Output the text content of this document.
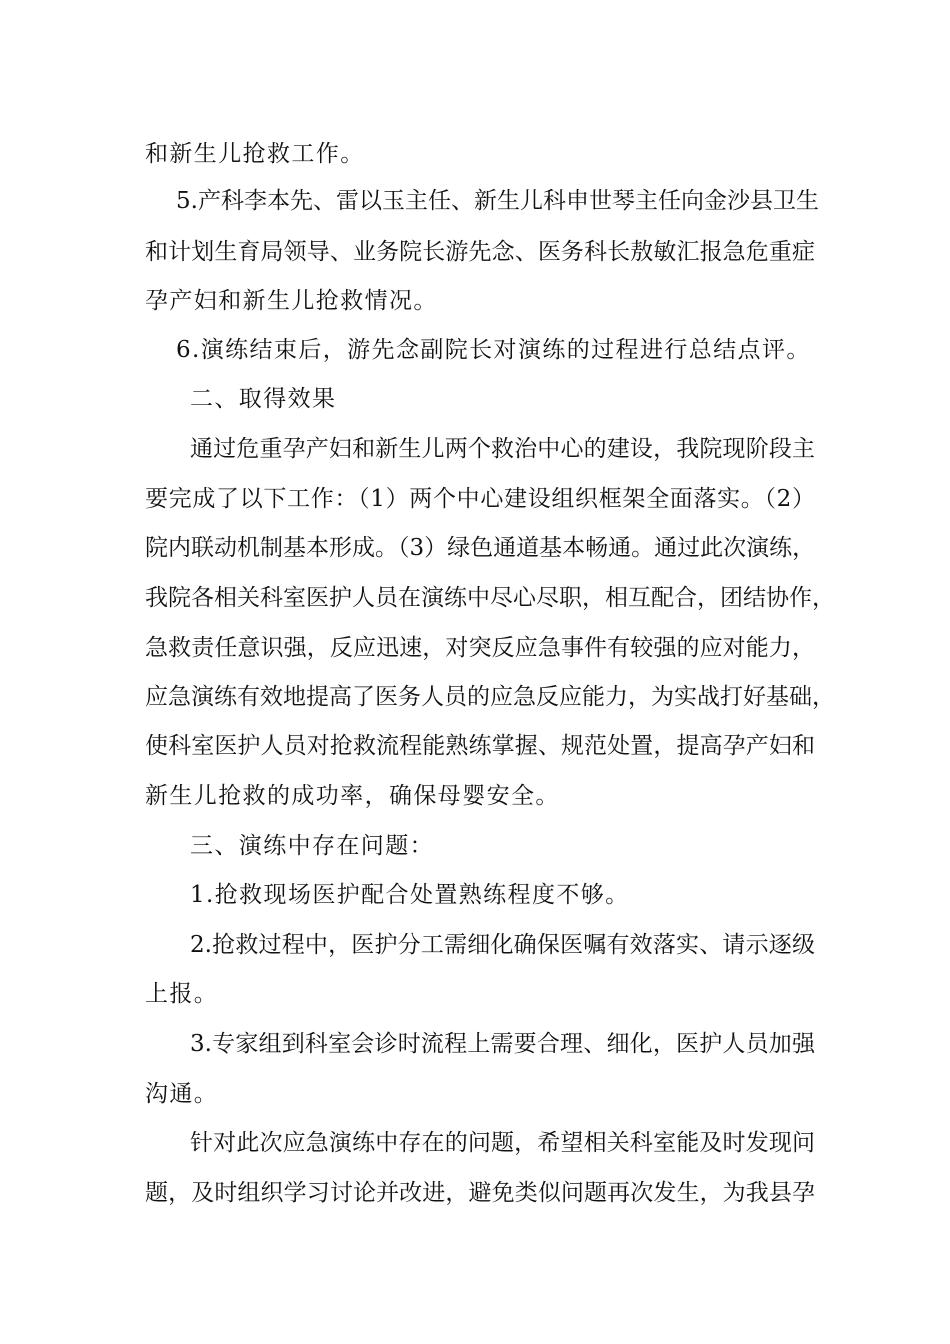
和新生儿抢救工作。
5.产科李本先、雷以玉主任、新生儿科申世琴主任向金沙县卫生
和计划生育局领导、业务院长游先念、医务科长敖敏汇报急危重症
孕产妇和新生儿抢救情况。
6.演练结束后，游先念副院长对演练的过程进行总结点评。
二、取得效果
通过危重孕产妇和新生儿两个救治中心的建设，我院现阶段主
要完成了以下工作：（1）两个中心建设组织框架全面落实。（2）
院内联动机制基本形成。（3）绿色通道基本畅通。通过此次演练，
我院各相关科室医护人员在演练中尽心尽职，相互配合，团结协作，
急救责任意识强，反应迅速，对突反应急事件有较强的应对能力，
应急演练有效地提高了医务人员的应急反应能力，为实战打好基础，
使科室医护人员对抢救流程能熟练掌握、规范处置，提高孕产妇和
新生儿抢救的成功率，确保母婴安全。
三、演练中存在问题：
1.抢救现场医护配合处置熟练程度不够。
2.抢救过程中，医护分工需细化确保医嘱有效落实、请示逐级
上报。
3.专家组到科室会诊时流程上需要合理、细化，医护人员加强
沟通。
针对此次应急演练中存在的问题，希望相关科室能及时发现问
题，及时组织学习讨论并改进，避免类似问题再次发生，为我县孕
